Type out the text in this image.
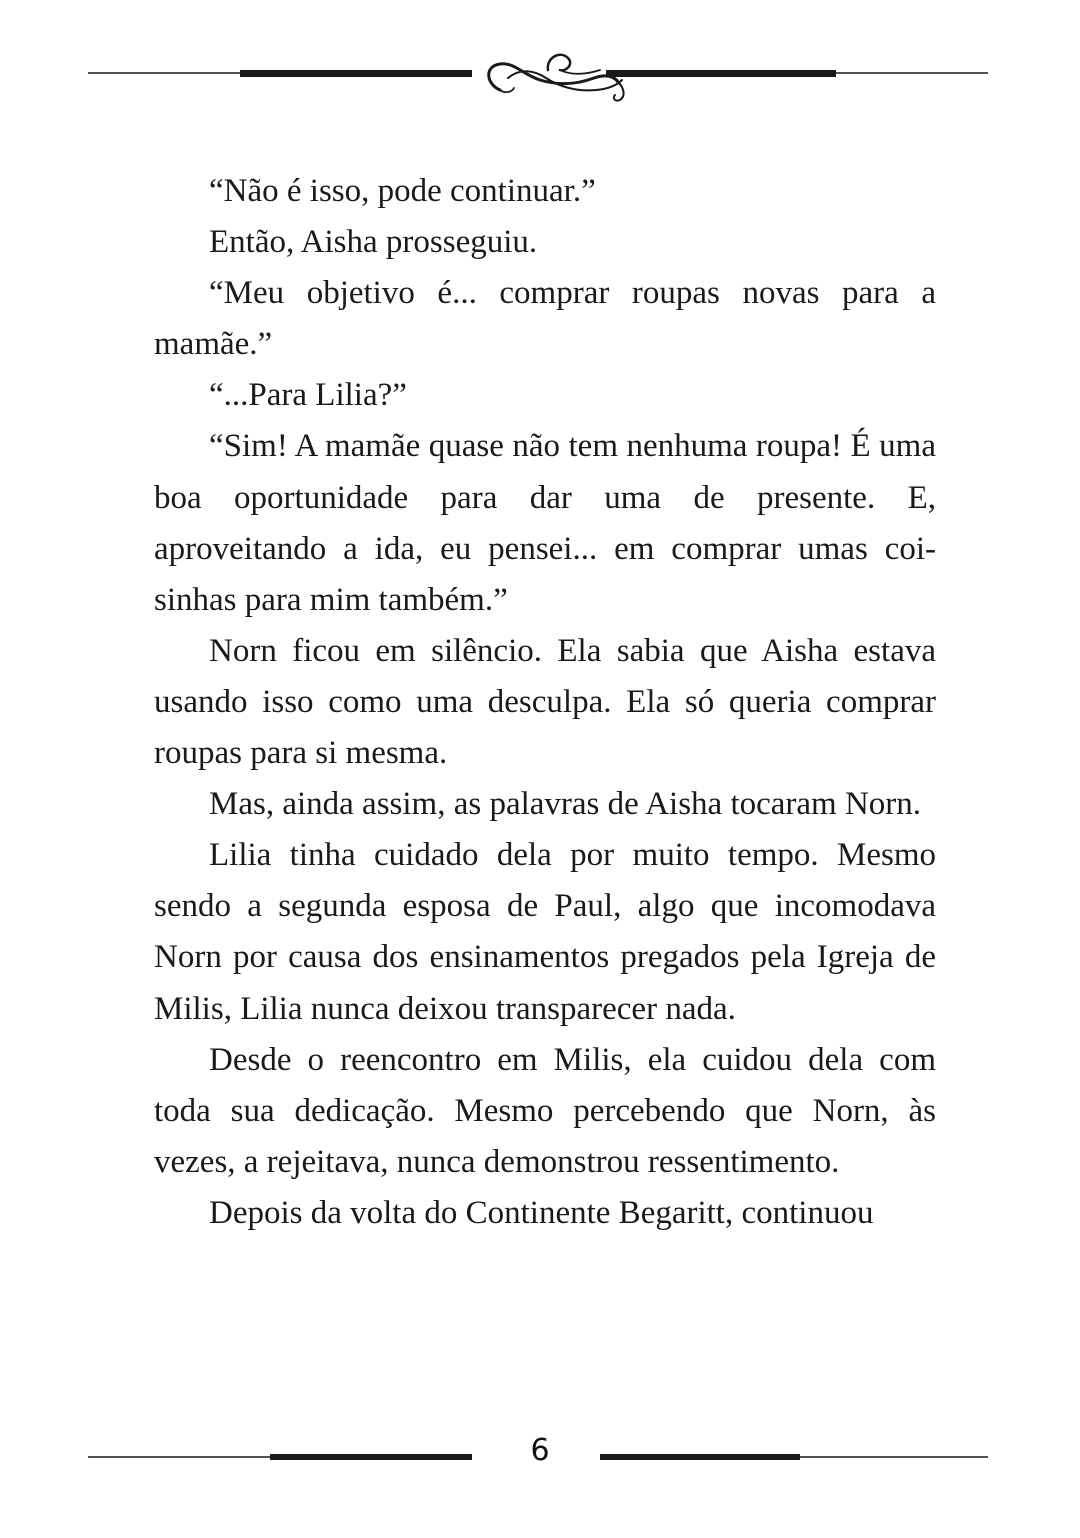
“Não é isso, pode continuar.”

Então, Aisha prosseguiu.

“Meu objetivo é... comprar roupas novas para a mamãe.”

“...Para Lilia?”

“Sim! A mamãe quase não tem nenhuma roupa! É uma boa oportunidade para dar uma de presente. E, aproveitando a ida, eu pensei... em comprar umas coisinhas para mim também.”

Norn ficou em silêncio. Ela sabia que Aisha estava usando isso como uma desculpa. Ela só queria comprar roupas para si mesma.

Mas, ainda assim, as palavras de Aisha tocaram Norn.

Lilia tinha cuidado dela por muito tempo. Mesmo sendo a segunda esposa de Paul, algo que incomodava Norn por causa dos ensinamentos pregados pela Igreja de Milis, Lilia nunca deixou transparecer nada.

Desde o reencontro em Milis, ela cuidou dela com toda sua dedicação. Mesmo percebendo que Norn, às vezes, a rejeitava, nunca demonstrou ressentimento.

Depois da volta do Continente Begaritt, continuou

6
